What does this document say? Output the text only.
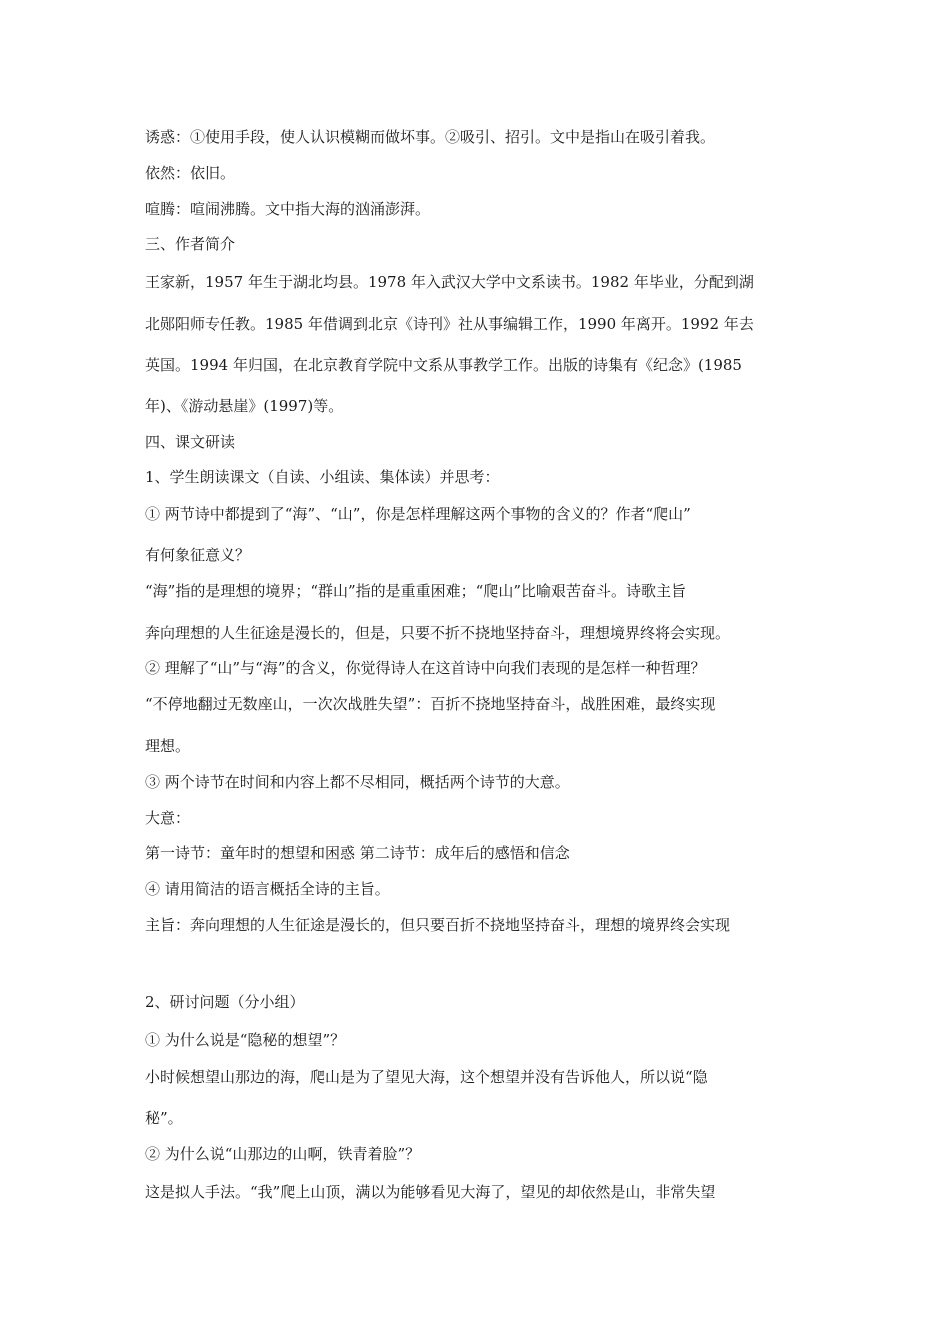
诱惑：①使用手段，使人认识模糊而做坏事。②吸引、招引。文中是指山在吸引着我。
依然：依旧。
喧腾：喧闹沸腾。文中指大海的汹涌澎湃。
三、作者简介
王家新，1957 年生于湖北均县。1978 年入武汉大学中文系读书。1982 年毕业，分配到湖
北郧阳师专任教。1985 年借调到北京《诗刊》社从事编辑工作，1990 年离开。1992 年去
英国。1994 年归国，在北京教育学院中文系从事教学工作。出版的诗集有《纪念》(1985
年)、《游动悬崖》(1997)等。
四、课文研读
1、学生朗读课文（自读、小组读、集体读）并思考：
① 两节诗中都提到了“海”、“山”，你是怎样理解这两个事物的含义的？作者“爬山”
有何象征意义？
“海”指的是理想的境界；“群山”指的是重重困难；“爬山”比喻艰苦奋斗。诗歌主旨
奔向理想的人生征途是漫长的，但是，只要不折不挠地坚持奋斗，理想境界终将会实现。
② 理解了“山”与“海”的含义，你觉得诗人在这首诗中向我们表现的是怎样一种哲理？
“不停地翻过无数座山，一次次战胜失望”：百折不挠地坚持奋斗，战胜困难，最终实现
理想。
③ 两个诗节在时间和内容上都不尽相同，概括两个诗节的大意。
大意：
第一诗节：童年时的想望和困惑 第二诗节：成年后的感悟和信念
④ 请用简洁的语言概括全诗的主旨。
主旨：奔向理想的人生征途是漫长的，但只要百折不挠地坚持奋斗，理想的境界终会实现
2、研讨问题（分小组）
① 为什么说是“隐秘的想望”？
小时候想望山那边的海，爬山是为了望见大海，这个想望并没有告诉他人，所以说“隐
秘”。
② 为什么说“山那边的山啊，铁青着脸”？
这是拟人手法。“我”爬上山顶，满以为能够看见大海了，望见的却依然是山，非常失望
